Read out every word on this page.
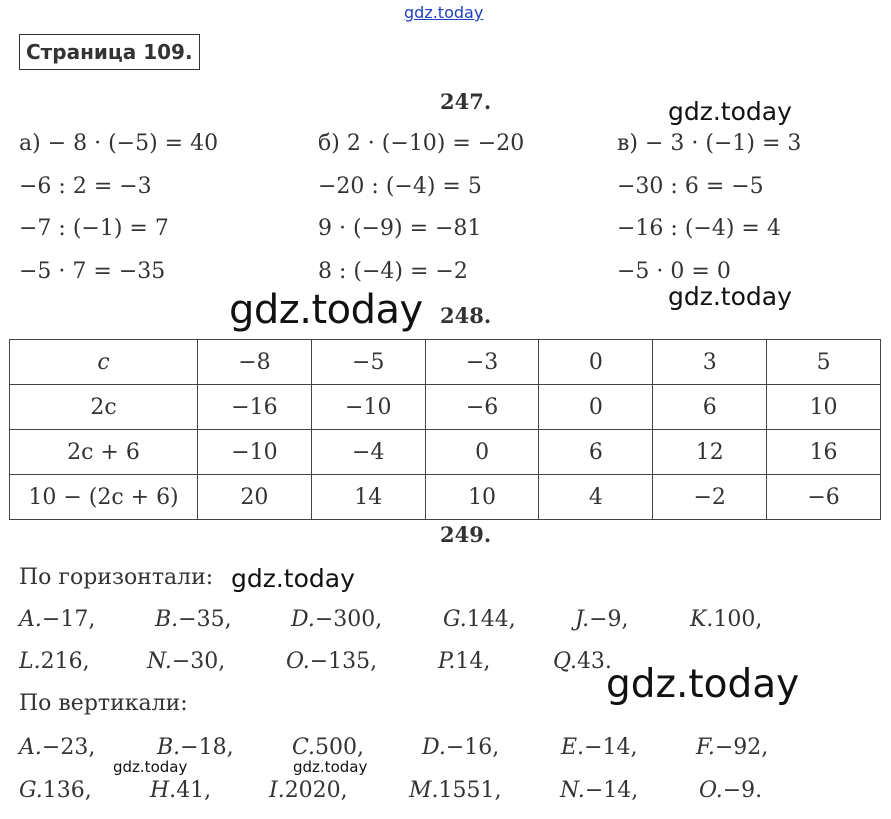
gdz.today
gdz.today
gdz.today	gdz.today
gdz.today
gdz.today
gdz.today	gdz.today
Страница 109.
247.
а) − 8 · (−5) = 40
−6 : 2 = −3
−7 : (−1) = 7
−5 · 7 = −35
б) 2 · (−10) = −20
−20 : (−4) = 5
9 · (−9) = −81
8 : (−4) = −2
в) − 3 · (−1) = 3
−30 : 6 = −5
−16 : (−4) = 4
−5 · 0 = 0
248.
c	−8	−5	−3	0	3	5
2c	−16	−10	−6	0	6	10
2c + 6	−10	−4	0	6	12	16
10 − (2c + 6)	20	14	10	4	−2	−6
249.
По горизонтали:
A.−17,	B.−35,	D.−300,	G.144,	J.−9,	K.100,
L.216,	N.−30,	O.−135,	P.14,	Q.43.
По вертикали:
A.−23,	B.−18,	C.500,	D.−16,	E.−14,	F.−92,
G.136,	H.41,	I.2020,	M.1551,	N.−14,	O.−9.
